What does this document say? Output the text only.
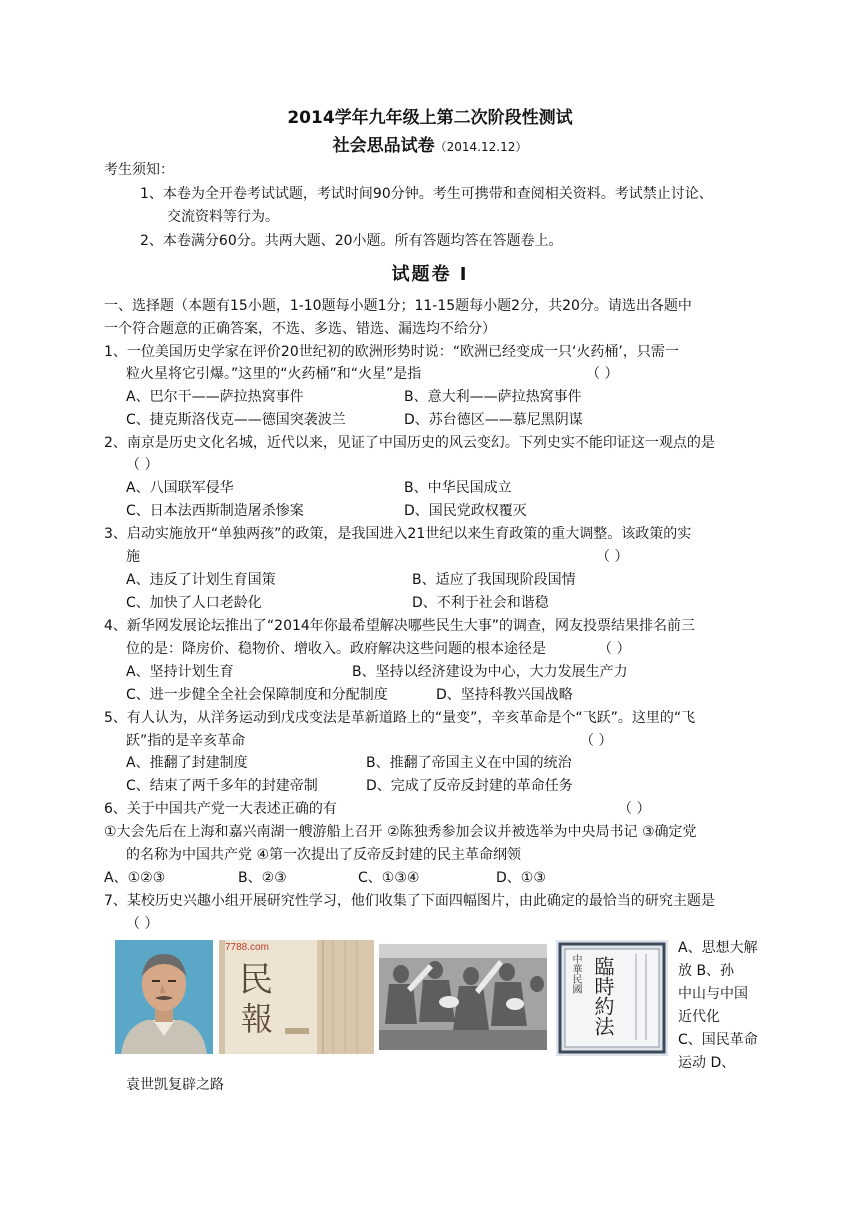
2014学年九年级上第二次阶段性测试
社会思品试卷（2014.12.12）
考生须知：
1、本卷为全开卷考试试题，考试时间90分钟。考生可携带和查阅相关资料。考试禁止讨论、
交流资料等行为。
2、本卷满分60分。共两大题、20小题。所有答题均答在答题卷上。
试题卷 Ⅰ
一、选择题（本题有15小题，1-10题每小题1分；11-15题每小题2分，共20分。请选出各题中
一个符合题意的正确答案，不选、多选、错选、漏选均不给分）
1、一位美国历史学家在评价20世纪初的欧洲形势时说：“欧洲已经变成一只‘火药桶’，只需一
粒火星将它引爆。”这里的“火药桶”和“火星”是指	（ ）
A、巴尔干——萨拉热窝事件	B、意大利——萨拉热窝事件
C、捷克斯洛伐克——德国突袭波兰	D、苏台德区——慕尼黑阴谋
2、南京是历史文化名城，近代以来，见证了中国历史的风云变幻。下列史实不能印证这一观点的是
（ ）
A、八国联军侵华	B、中华民国成立
C、日本法西斯制造屠杀惨案	D、国民党政权覆灭
3、启动实施放开“单独两孩”的政策，是我国进入21世纪以来生育政策的重大调整。该政策的实
施	（ ）
A、违反了计划生育国策	B、适应了我国现阶段国情
C、加快了人口老龄化	D、不利于社会和谐稳
4、新华网发展论坛推出了“2014年你最希望解决哪些民生大事”的调查，网友投票结果排名前三
位的是：降房价、稳物价、增收入。政府解决这些问题的根本途径是	（ ）
A、坚持计划生育	B、坚持以经济建设为中心，大力发展生产力
C、进一步健全全社会保障制度和分配制度	D、坚持科教兴国战略
5、有人认为，从洋务运动到戊戌变法是革新道路上的“量变”，辛亥革命是个“飞跃”。这里的“飞
跃”指的是辛亥革命	（ ）
A、推翻了封建制度	B、推翻了帝国主义在中国的统治
C、结束了两千多年的封建帝制	D、完成了反帝反封建的革命任务
6、关于中国共产党一大表述正确的有	（ ）
①大会先后在上海和嘉兴南湖一艘游船上召开 ②陈独秀参加会议并被选举为中央局书记 ③确定党
的名称为中国共产党 ④第一次提出了反帝反封建的民主革命纲领
A、①②③	B、②③	C、①③④	D、①③
7、某校历史兴趣小组开展研究性学习，他们收集了下面四幅图片，由此确定的最恰当的研究主题是
（ ）
7788.com
民
報
中華民國 臨時約法
A、思想大解
放 B、孙
中山与中国
近代化
C、国民革命
运动 D、
袁世凯复辟之路
